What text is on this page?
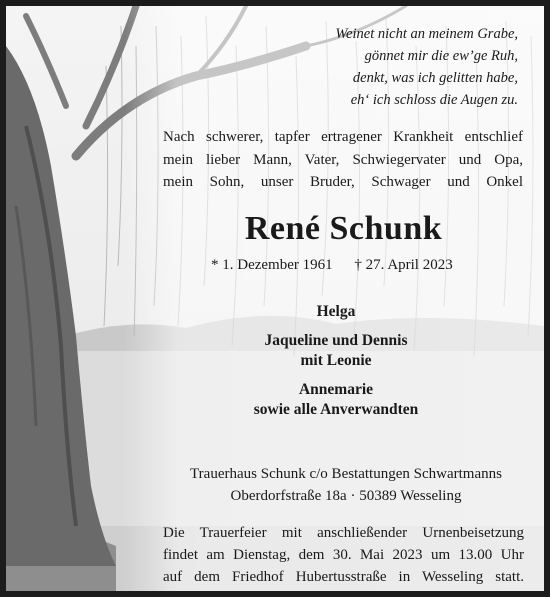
Weinet nicht an meinem Grabe,
gönnet mir die ew’ge Ruh,
denkt, was ich gelitten habe,
eh‘ ich schloss die Augen zu.
Nach schwerer, tapfer ertragener Krankheit entschlief
mein lieber Mann, Vater, Schwiegervater und Opa,
mein Sohn, unser Bruder, Schwager und Onkel
René Schunk
* 1. Dezember 1961 † 27. April 2023
Helga
Jaqueline und Dennis
mit Leonie
Annemarie
sowie alle Anverwandten
Trauerhaus Schunk c/o Bestattungen Schwartmanns
Oberdorfstraße 18a · 50389 Wesseling
Die Trauerfeier mit anschließender Urnenbeisetzung
findet am Dienstag, dem 30. Mai 2023 um 13.00 Uhr
auf dem Friedhof Hubertusstraße in Wesseling statt.
